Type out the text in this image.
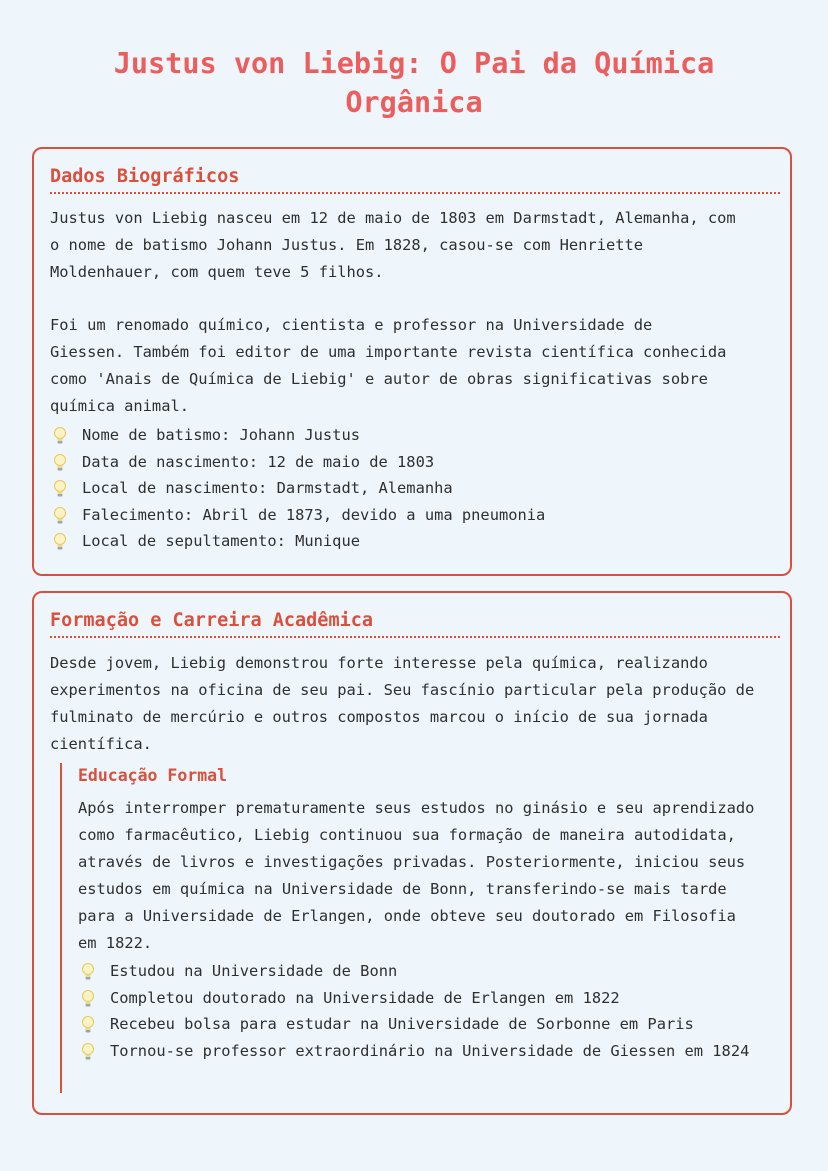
Justus von Liebig: O Pai da Química Orgânica
Dados Biográficos

Justus von Liebig nasceu em 12 de maio de 1803 em Darmstadt, Alemanha, com o nome de batismo Johann Justus. Em 1828, casou-se com Henriette Moldenhauer, com quem teve 5 filhos.

Foi um renomado químico, cientista e professor na Universidade de Giessen. Também foi editor de uma importante revista científica conhecida como 'Anais de Química de Liebig' e autor de obras significativas sobre química animal.

Nome de batismo: Johann Justus
Data de nascimento: 12 de maio de 1803
Local de nascimento: Darmstadt, Alemanha
Falecimento: Abril de 1873, devido a uma pneumonia
Local de sepultamento: Munique
Formação e Carreira Acadêmica

Desde jovem, Liebig demonstrou forte interesse pela química, realizando experimentos na oficina de seu pai. Seu fascínio particular pela produção de fulminato de mercúrio e outros compostos marcou o início de sua jornada científica.

Educação Formal

Após interromper prematuramente seus estudos no ginásio e seu aprendizado como farmacêutico, Liebig continuou sua formação de maneira autodidata, através de livros e investigações privadas. Posteriormente, iniciou seus estudos em química na Universidade de Bonn, transferindo-se mais tarde para a Universidade de Erlangen, onde obteve seu doutorado em Filosofia em 1822.

Estudou na Universidade de Bonn
Completou doutorado na Universidade de Erlangen em 1822
Recebeu bolsa para estudar na Universidade de Sorbonne em Paris
Tornou-se professor extraordinário na Universidade de Giessen em 1824
